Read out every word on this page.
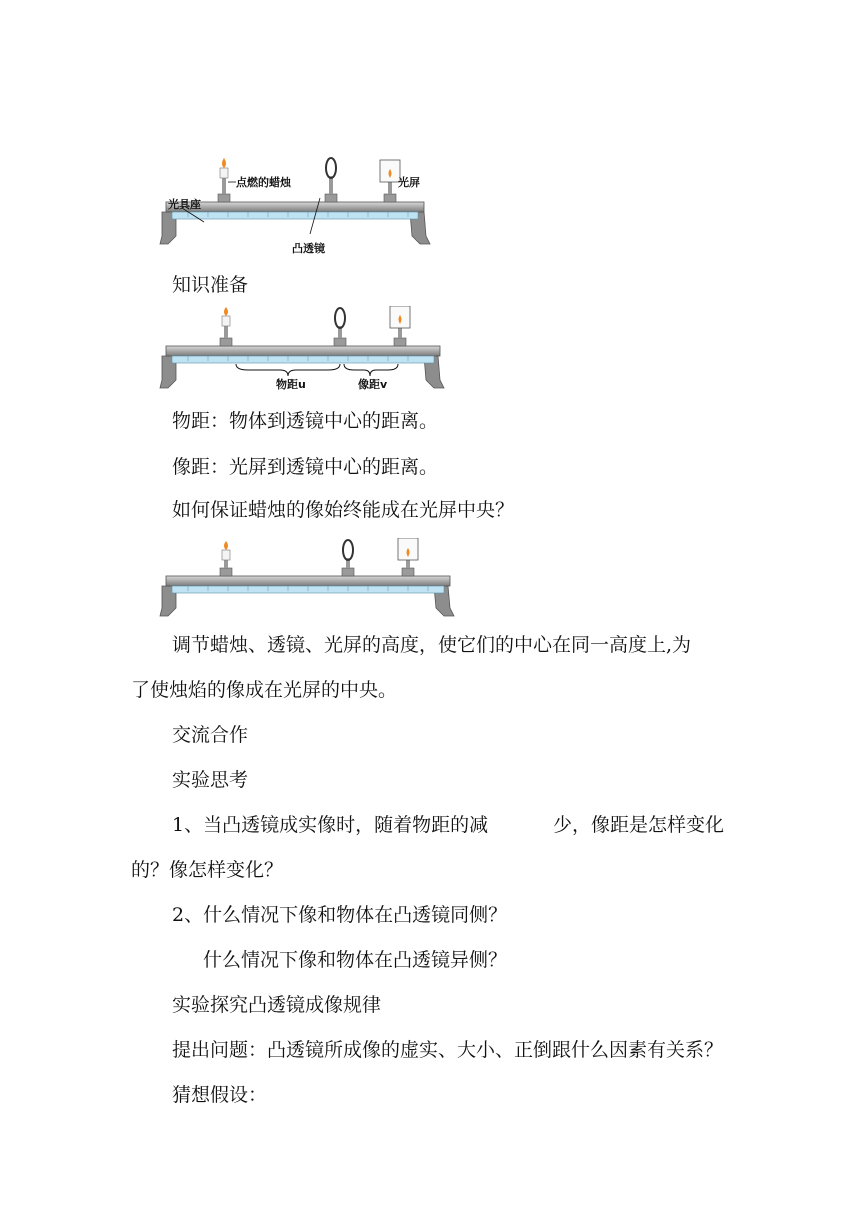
点燃的蜡烛	光屏
光具座
凸透镜
知识准备
物距u	像距v
物距：物体到透镜中心的距离。
像距：光屏到透镜中心的距离。
如何保证蜡烛的像始终能成在光屏中央？
调节蜡烛、透镜、光屏的高度，使它们的中心在同一高度上,为
了使烛焰的像成在光屏的中央。
交流合作
实验思考
1、当凸透镜成实像时，随着物距的减	少，像距是怎样变化
的？像怎样变化？
2、什么情况下像和物体在凸透镜同侧？
什么情况下像和物体在凸透镜异侧？
实验探究凸透镜成像规律
提出问题：凸透镜所成像的虚实、大小、正倒跟什么因素有关系？
猜想假设：
